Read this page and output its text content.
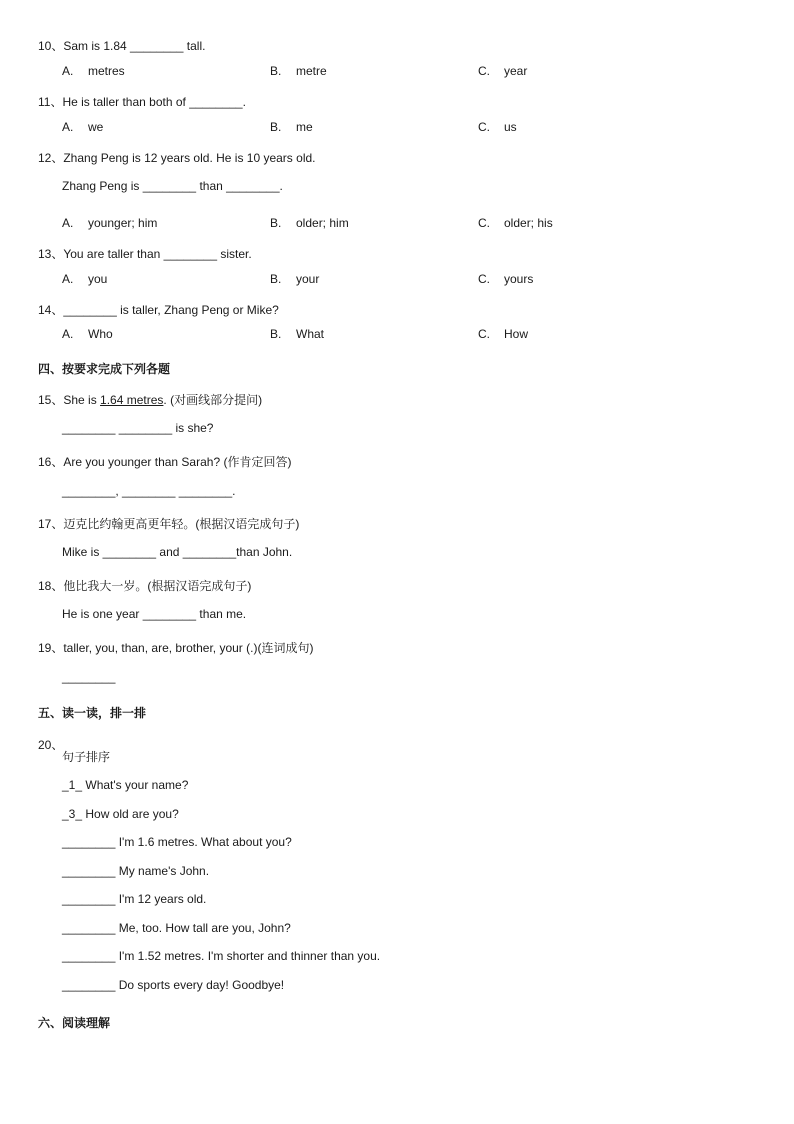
10、Sam is 1.84 ________ tall.
A. metres	B. metre	C. year
11、He is taller than both of ________.
A. we	B. me	C. us
12、Zhang Peng is 12 years old. He is 10 years old.
Zhang Peng is ________ than ________.
A. younger; him	B. older; him	C. older; his
13、You are taller than ________ sister.
A. you	B. your	C. yours
14、________ is taller, Zhang Peng or Mike?
A. Who	B. What	C. How
四、按要求完成下列各题
15、She is 1.64 metres. (对画线部分提问)
________ ________ is she?
16、Are you younger than Sarah? (作肯定回答)
________, ________ ________.
17、迈克比约翰更高更年轻。(根据汉语完成句子)
Mike is ________ and ________than John.
18、他比我大一岁。(根据汉语完成句子)
He is one year ________ than me.
19、taller, you, than, are, brother, your (.)(连词成句)
________
五、读一读，排一排
20、
句子排序
_1_ What's your name?
_3_ How old are you?
________ I'm 1.6 metres. What about you?
________ My name's John.
________ I'm 12 years old.
________ Me, too. How tall are you, John?
________ I'm 1.52 metres. I'm shorter and thinner than you.
________ Do sports every day! Goodbye!
六、阅读理解
